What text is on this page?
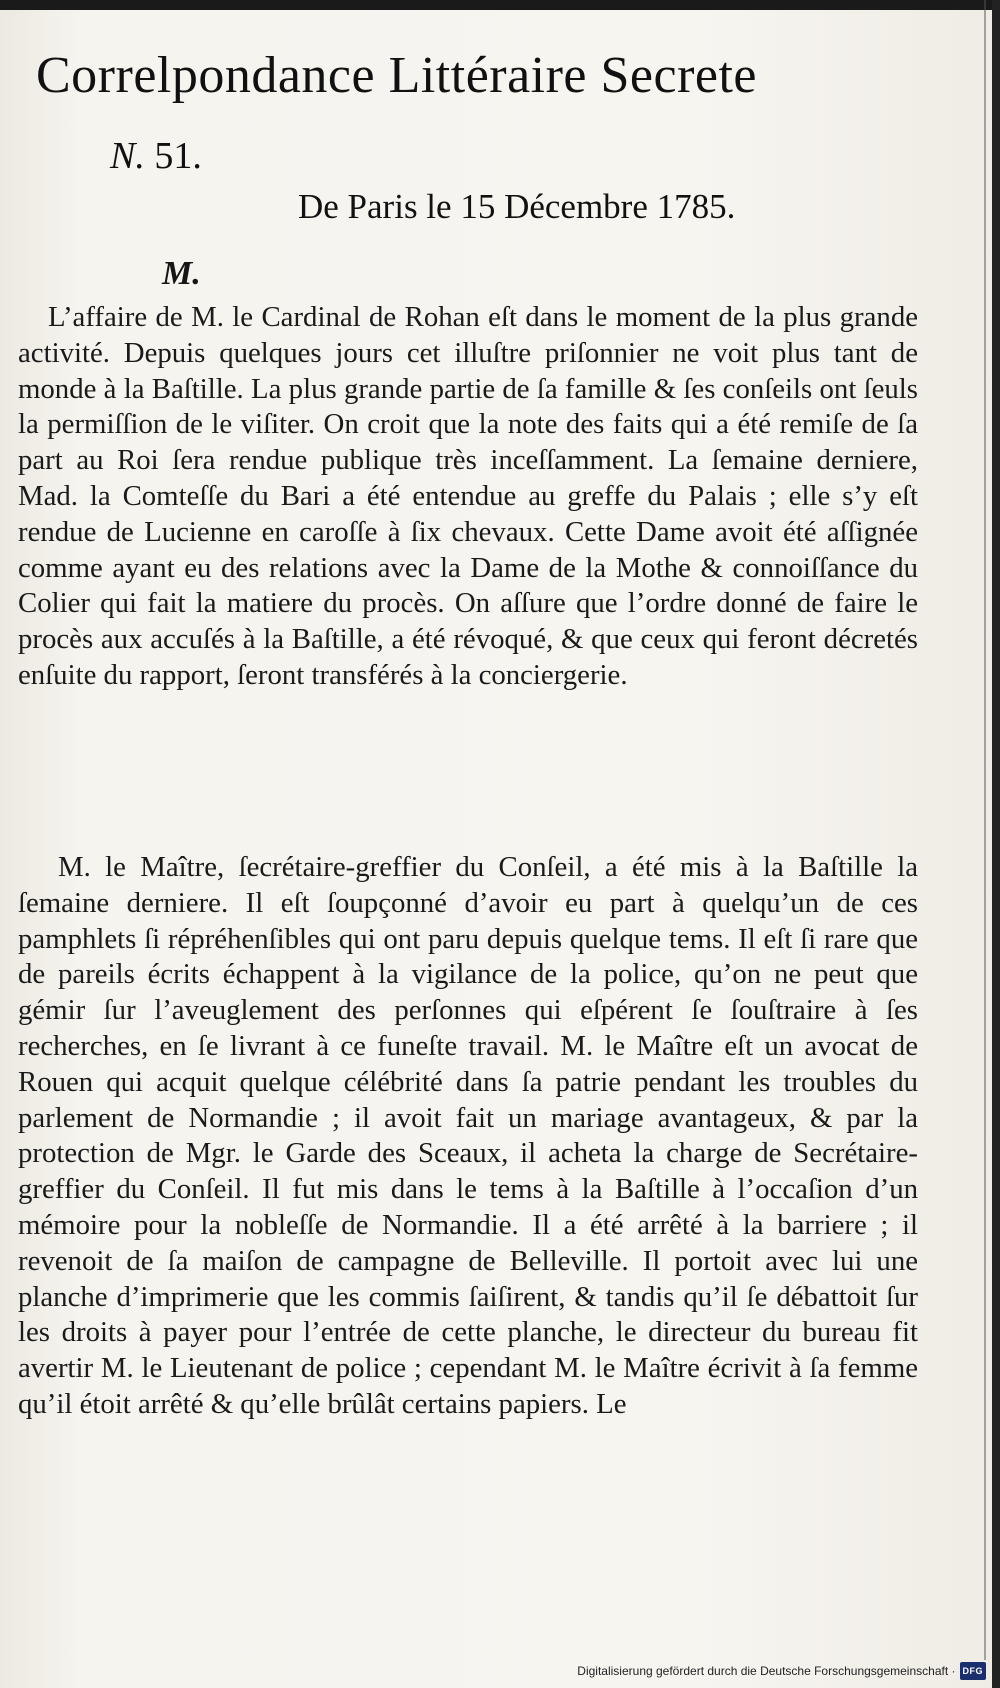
Correlpondance Littéraire Secrete
N. 51.
De Paris le 15 Décembre 1785.
M.

L’affaire de M. le Cardinal de Rohan eſt dans le moment de la plus grande activité. Depuis quelques jours cet illuſtre priſonnier ne voit plus tant de monde à la Baſtille. La plus grande partie de ſa famille & ſes conſeils ont ſeuls la permiſſion de le viſiter. On croit que la note des faits qui a été remiſe de ſa part au Roi ſera rendue publique très inceſſamment. La ſemaine derniere, Mad. la Comteſſe du Bari a été entendue au greffe du Palais ; elle s’y eſt rendue de Lucienne en caroſſe à ſix chevaux. Cette Dame avoit été aſſignée comme ayant eu des relations avec la Dame de la Mothe & connoiſſance du Colier qui fait la matiere du procès. On aſſure que l’ordre donné de faire le procès aux accuſés à la Baſtille, a été révoqué, & que ceux qui feront décretés enſuite du rapport, ſeront transférés à la conciergerie.

M. le Maître, ſecrétaire-greffier du Conſeil, a été mis à la Baſtille la ſemaine derniere. Il eſt ſoupçonné d’avoir eu part à quelqu’un de ces pamphlets ſi répréhenſibles qui ont paru depuis quelque tems. Il eſt ſi rare que de pareils écrits échappent à la vigilance de la police, qu’on ne peut que gémir ſur l’aveuglement des perſonnes qui eſpérent ſe ſouſtraire à ſes recherches, en ſe livrant à ce funeſte travail. M. le Maître eſt un avocat de Rouen qui acquit quelque célébrité dans ſa patrie pendant les troubles du parlement de Normandie ; il avoit fait un mariage avantageux, & par la protection de Mgr. le Garde des Sceaux, il acheta la charge de Secrétaire-greffier du Conſeil. Il fut mis dans le tems à la Baſtille à l’occaſion d’un mémoire pour la nobleſſe de Normandie. Il a été arrêté à la barriere ; il revenoit de ſa maiſon de campagne de Belleville. Il portoit avec lui une planche d’imprimerie que les commis ſaiſirent, & tandis qu’il ſe débattoit ſur les droits à payer pour l’entrée de cette planche, le directeur du bureau fit avertir M. le Lieutenant de police ; cependant M. le Maître écrivit à ſa femme qu’il étoit arrêté & qu’elle brûlât certains papiers. Le

Digitalisierung gefördert durch die Deutsche Forschungsgemeinschaft · DFG
